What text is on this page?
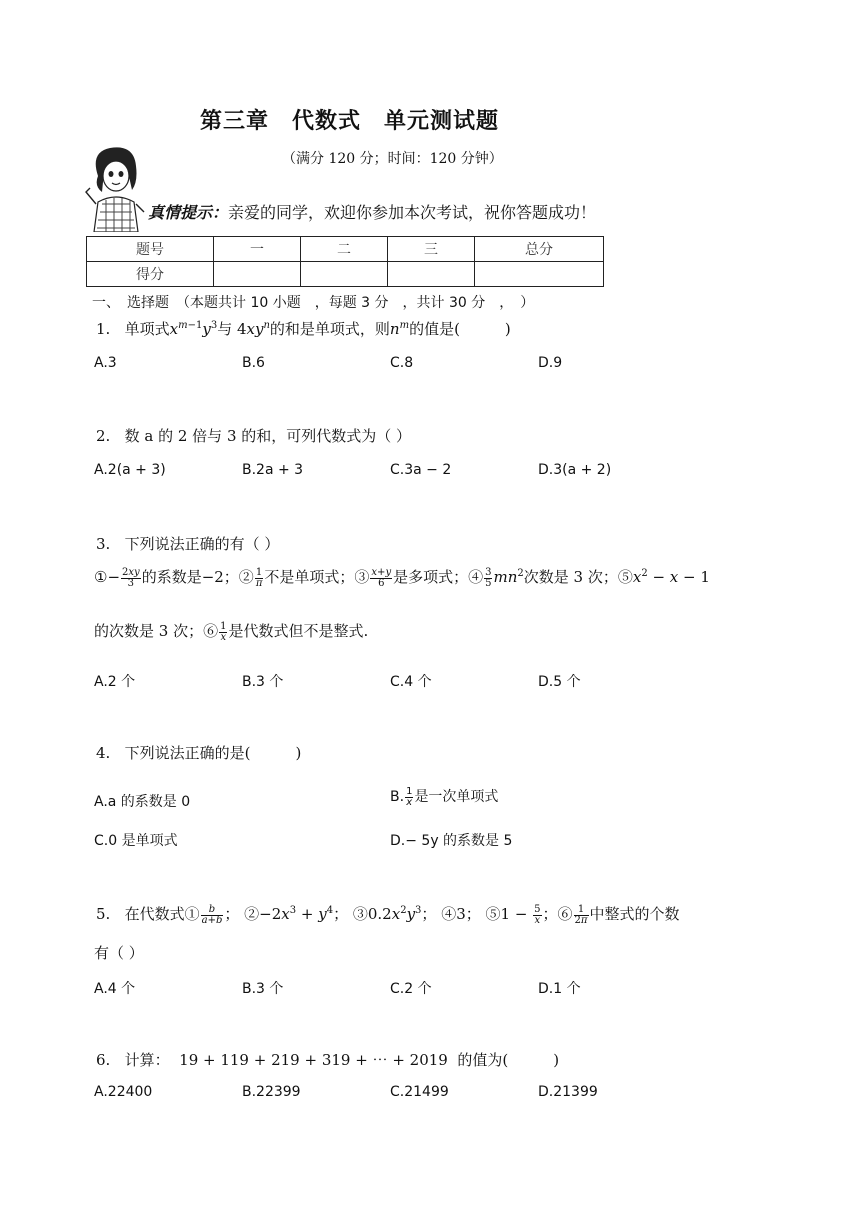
第三章　代数式　单元测试题
（满分 120 分；时间：120 分钟）
真情提示：亲爱的同学，欢迎你参加本次考试，祝你答题成功！
题号	一	二	三	总分
得分				
一、　选择题　（本题共计 10 小题　，每题 3 分　，共计 30 分　，　）
1.   单项式$x^{m-1}y^3$与 $4xy^n$的和是单项式，则$n^m$的值是(　　　)
A.3	B.6	C.8	D.9
2. 数 a 的 2 倍与 3 的和，可列代数式为（ ）
A.2(a + 3)	B.2a + 3	C.3a − 2	D.3(a + 2)
3. 下列说法正确的有（ ）
①− $\frac{2xy}{3}$ 的系数是−2；② $\frac{1}{\pi}$ 不是单项式；③ $\frac{x+y}{6}$ 是多项式；④ $\frac{3}{5} mn^2$次数是 3 次；$⑤x^2 - x - 1$
的次数是 3 次；⑥ $\frac{1}{x}$ 是代数式但不是整式.
A.2 个	B.3 个	C.4 个	D.5 个
4. 下列说法正确的是(　　　)
A.a 的系数是 0	B. $\frac{1}{x}$ 是一次单项式
C.0 是单项式	D.− 5y 的系数是 5
5.   在代数式① $\frac{b}{a+b}$ ； $②-2x^3 + y^4$； $③0.2x^2y^3$； ④3； ⑤1 − $\frac{5}{x}$ ；⑥ $\frac{1}{2\pi}$ 中整式的个数
有（ ）
A.4 个	B.3 个	C.2 个	D.1 个
6.   计算：  19 + 119 + 219 + 319 + ⋯ + 2019  的值为(　　　)
A.22400	B.22399	C.21499	D.21399
